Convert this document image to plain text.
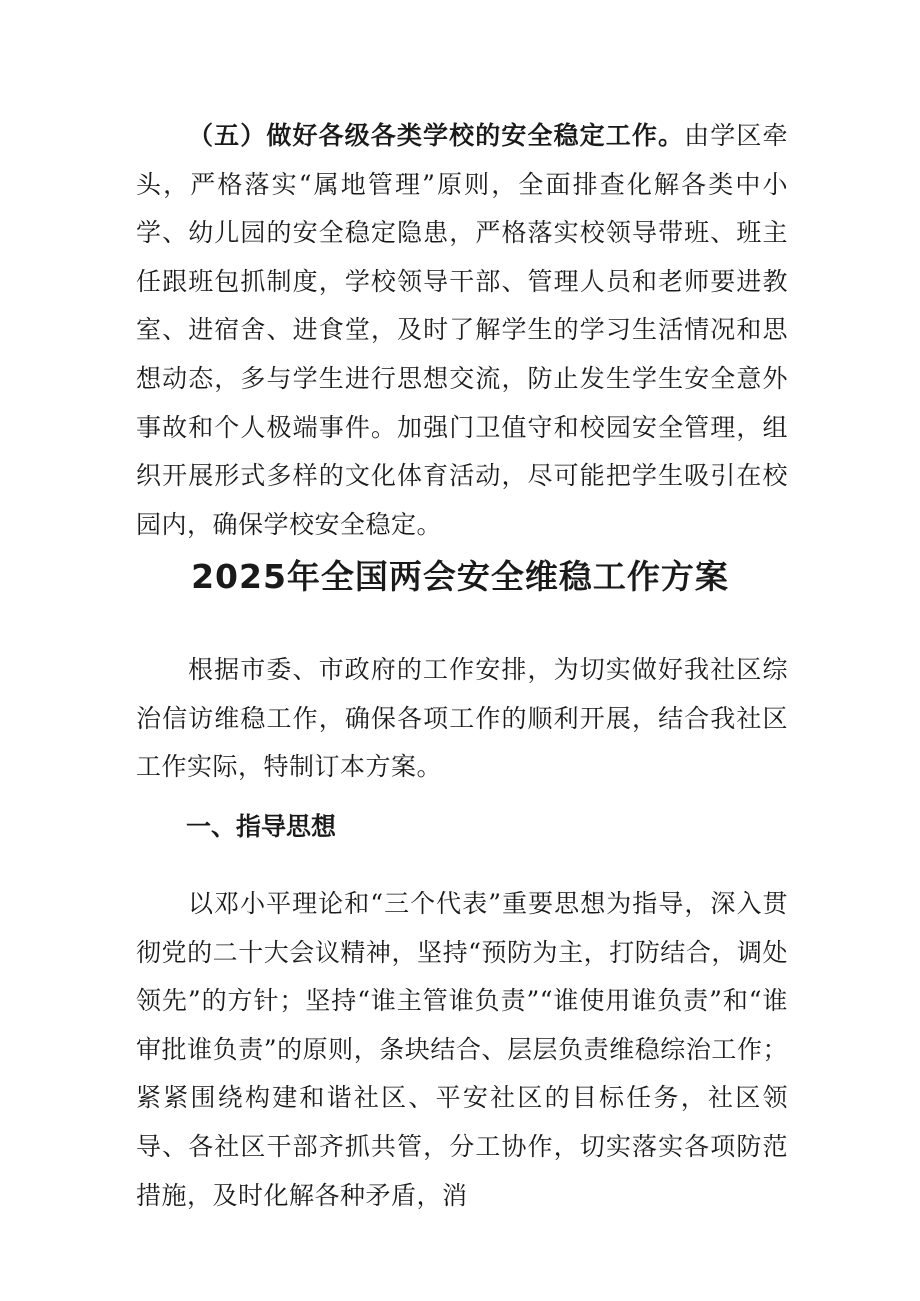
（五）做好各级各类学校的安全稳定工作。由学区牵头，严格落实“属地管理”原则，全面排查化解各类中小学、幼儿园的安全稳定隐患，严格落实校领导带班、班主任跟班包抓制度，学校领导干部、管理人员和老师要进教室、进宿舍、进食堂，及时了解学生的学习生活情况和思想动态，多与学生进行思想交流，防止发生学生安全意外事故和个人极端事件。加强门卫值守和校园安全管理，组织开展形式多样的文化体育活动，尽可能把学生吸引在校园内，确保学校安全稳定。

2025年全国两会安全维稳工作方案

根据市委、市政府的工作安排，为切实做好我社区综治信访维稳工作，确保各项工作的顺利开展，结合我社区工作实际，特制订本方案。

一、指导思想

以邓小平理论和“三个代表”重要思想为指导，深入贯彻党的二十大会议精神，坚持“预防为主，打防结合，调处领先”的方针；坚持“谁主管谁负责”“谁使用谁负责”和“谁审批谁负责”的原则，条块结合、层层负责维稳综治工作；紧紧围绕构建和谐社区、平安社区的目标任务，社区领导、各社区干部齐抓共管，分工协作，切实落实各项防范措施，及时化解各种矛盾，消
